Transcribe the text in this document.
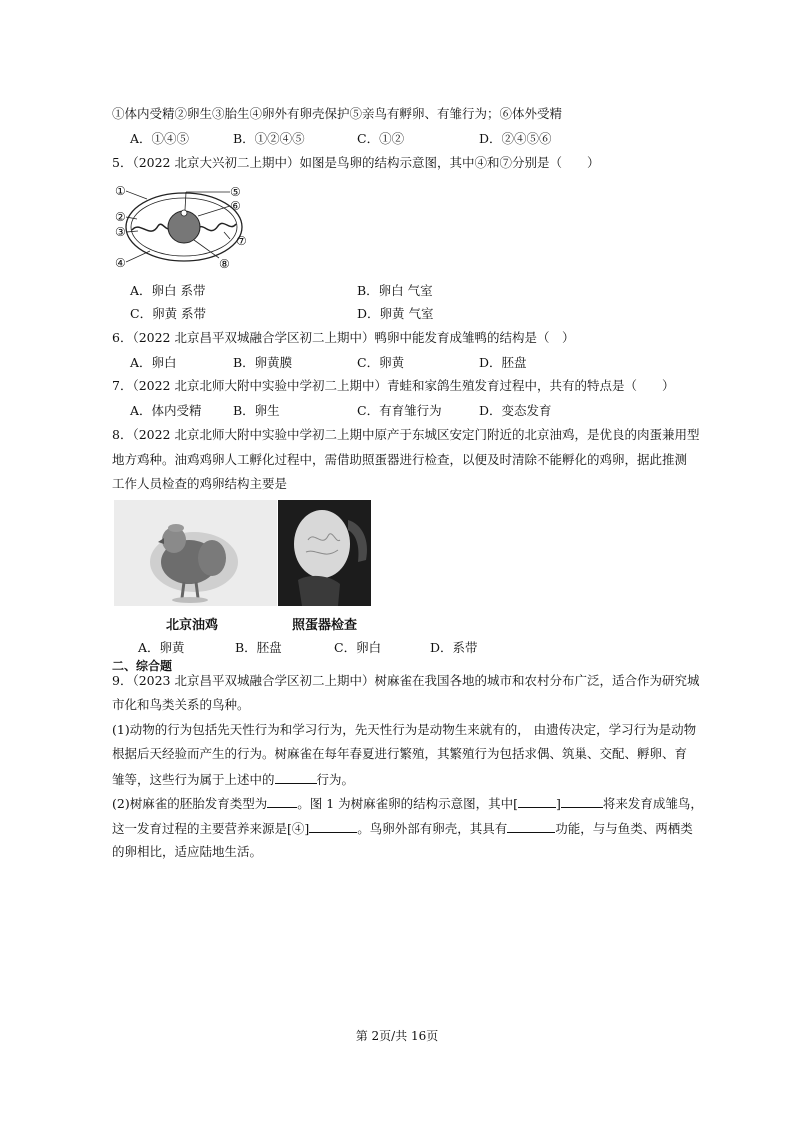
①体内受精②卵生③胎生④卵外有卵壳保护⑤亲鸟有孵卵、有雏行为；⑥体外受精
A．①④⑤	B．①②④⑤	C．①②	D．②④⑤⑥
5．（2022 北京大兴初二上期中）如图是鸟卵的结构示意图，其中④和⑦分别是（　　）
①
②
③
④
⑤
⑥
⑦
⑧
A．卵白 系带	B．卵白 气室
C．卵黄 系带	D．卵黄 气室
6．（2022 北京昌平双城融合学区初二上期中）鸭卵中能发育成雏鸭的结构是（　）
A．卵白	B．卵黄膜	C．卵黄	D．胚盘
7．（2022 北京北师大附中实验中学初二上期中）青蛙和家鸽生殖发育过程中，共有的特点是（　　）
A．体内受精	B．卵生	C．有育雏行为	D．变态发育
8．（2022 北京北师大附中实验中学初二上期中原产于东城区安定门附近的北京油鸡，是优良的肉蛋兼用型
地方鸡种。油鸡鸡卵人工孵化过程中，需借助照蛋器进行检查，以便及时清除不能孵化的鸡卵，据此推测
工作人员检查的鸡卵结构主要是
北京油鸡	照蛋器检查
A．卵黄	B．胚盘	C．卵白	D．系带
二、综合题
9．（2023 北京昌平双城融合学区初二上期中）树麻雀在我国各地的城市和农村分布广泛，适合作为研究城
市化和鸟类关系的鸟种。
(1)动物的行为包括先天性行为和学习行为，先天性行为是动物生来就有的， 由遗传决定，学习行为是动物
根据后天经验而产生的行为。树麻雀在每年春夏进行繁殖，其繁殖行为包括求偶、筑巢、交配、孵卵、育
雏等，这些行为属于上述中的	行为。
(2)树麻雀的胚胎发育类型为 。图 1 为树麻雀卵的结构示意图，其中[	]	将来发育成雏鸟，
这一发育过程的主要营养来源是[④]	。鸟卵外部有卵壳，其具有	功能，与与鱼类、两栖类
的卵相比，适应陆地生活。
第 2页/共 16页
